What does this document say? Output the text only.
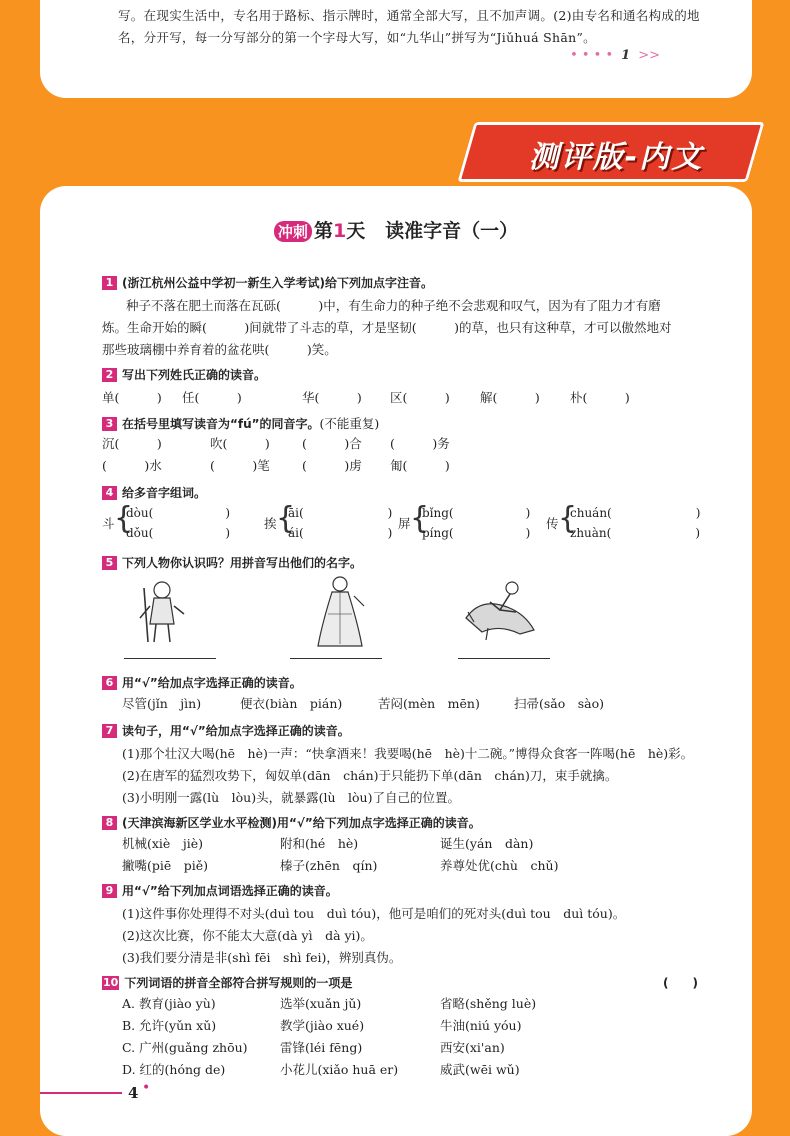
写。在现实生活中，专名用于路标、指示牌时，通常全部大写，且不加声调。(2)由专名和通名构成的地
名，分开写，每一分写部分的第一个字母大写，如“九华山”拼写为“Jiǔhuá Shān”。
• • • • 1 >>
测评版-内文
冲刺 第1天 读准字音（一）
1 (浙江杭州公益中学初一新生入学考试)给下列加点字注音。
种子不落在肥土而落在瓦砾(　　　)中，有生命力的种子绝不会悲观和叹气，因为有了阻力才有磨
炼。生命开始的瞬(　　　)间就带了斗志的草，才是坚韧(　　　)的草，也只有这种草，才可以傲然地对
那些玻璃棚中养育着的盆花哄(　　　)笑。
2 写出下列姓氏正确的读音。
单(　　　) 任(　　　)	华(　　　) 区(　　　) 解(　　　) 朴(　　　)
3 在括号里填写读音为“fú”的同音字。(不能重复)
沉(　　　)	吹(　　　)	(　　　)合 (　　　)务
(　　　)水	(　　　)笔	(　　　)虏 匍(　　　)
4 给多音字组词。
斗 {
dòu(　　　　　　)
dǒu(　　　　　　)
挨 {
āi(　　　　　　　)
ái(　　　　　　　)
屏 {
bǐng(　　　　　　)
píng(　　　　　　)
传 {
chuán(　　　　　　　)
zhuàn(　　　　　　　)
5 下列人物你认识吗？用拼音写出他们的名字。
6 用“√”给加点字选择正确的读音。
尽管(jǐn　jìn)	便衣(biàn　pián)	苦闷(mèn　mēn)	扫帚(sǎo　sào)
7 读句子，用“√”给加点字选择正确的读音。
(1)那个壮汉大喝(hē　hè)一声：“快拿酒来！我要喝(hē　hè)十二碗。”博得众食客一阵喝(hē　hè)彩。
(2)在唐军的猛烈攻势下，匈奴单(dān　chán)于只能扔下单(dān　chán)刀，束手就擒。
(3)小明刚一露(lù　lòu)头，就暴露(lù　lòu)了自己的位置。
8 (天津滨海新区学业水平检测)用“√”给下列加点字选择正确的读音。
机械(xiè　jiè)	附和(hé　hè)	诞生(yán　dàn)
撇嘴(piē　piě)	榛子(zhēn　qín)	养尊处优(chù　chǔ)
9 用“√”给下列加点词语选择正确的读音。
(1)这件事你处理得不对头(duì tou　duì tóu)，他可是咱们的死对头(duì tou　duì tóu)。
(2)这次比赛，你不能太大意(dà yì　dà yi)。
(3)我们要分清是非(shì fēi　shì fei)，辨别真伪。
10 下列词语的拼音全部符合拼写规则的一项是	(　　)
A. 教育(jiào yù)	选举(xuǎn jǔ)	省略(shěng luè)
B. 允许(yǔn xǔ)	教学(jiào xué)	牛油(niú yóu)
C. 广州(guǎng zhōu)	雷锋(léi fēng)	西安(xi'an)
D. 红的(hóng de)	小花儿(xiǎo huā er)	威武(wēi wǔ)
4 •
